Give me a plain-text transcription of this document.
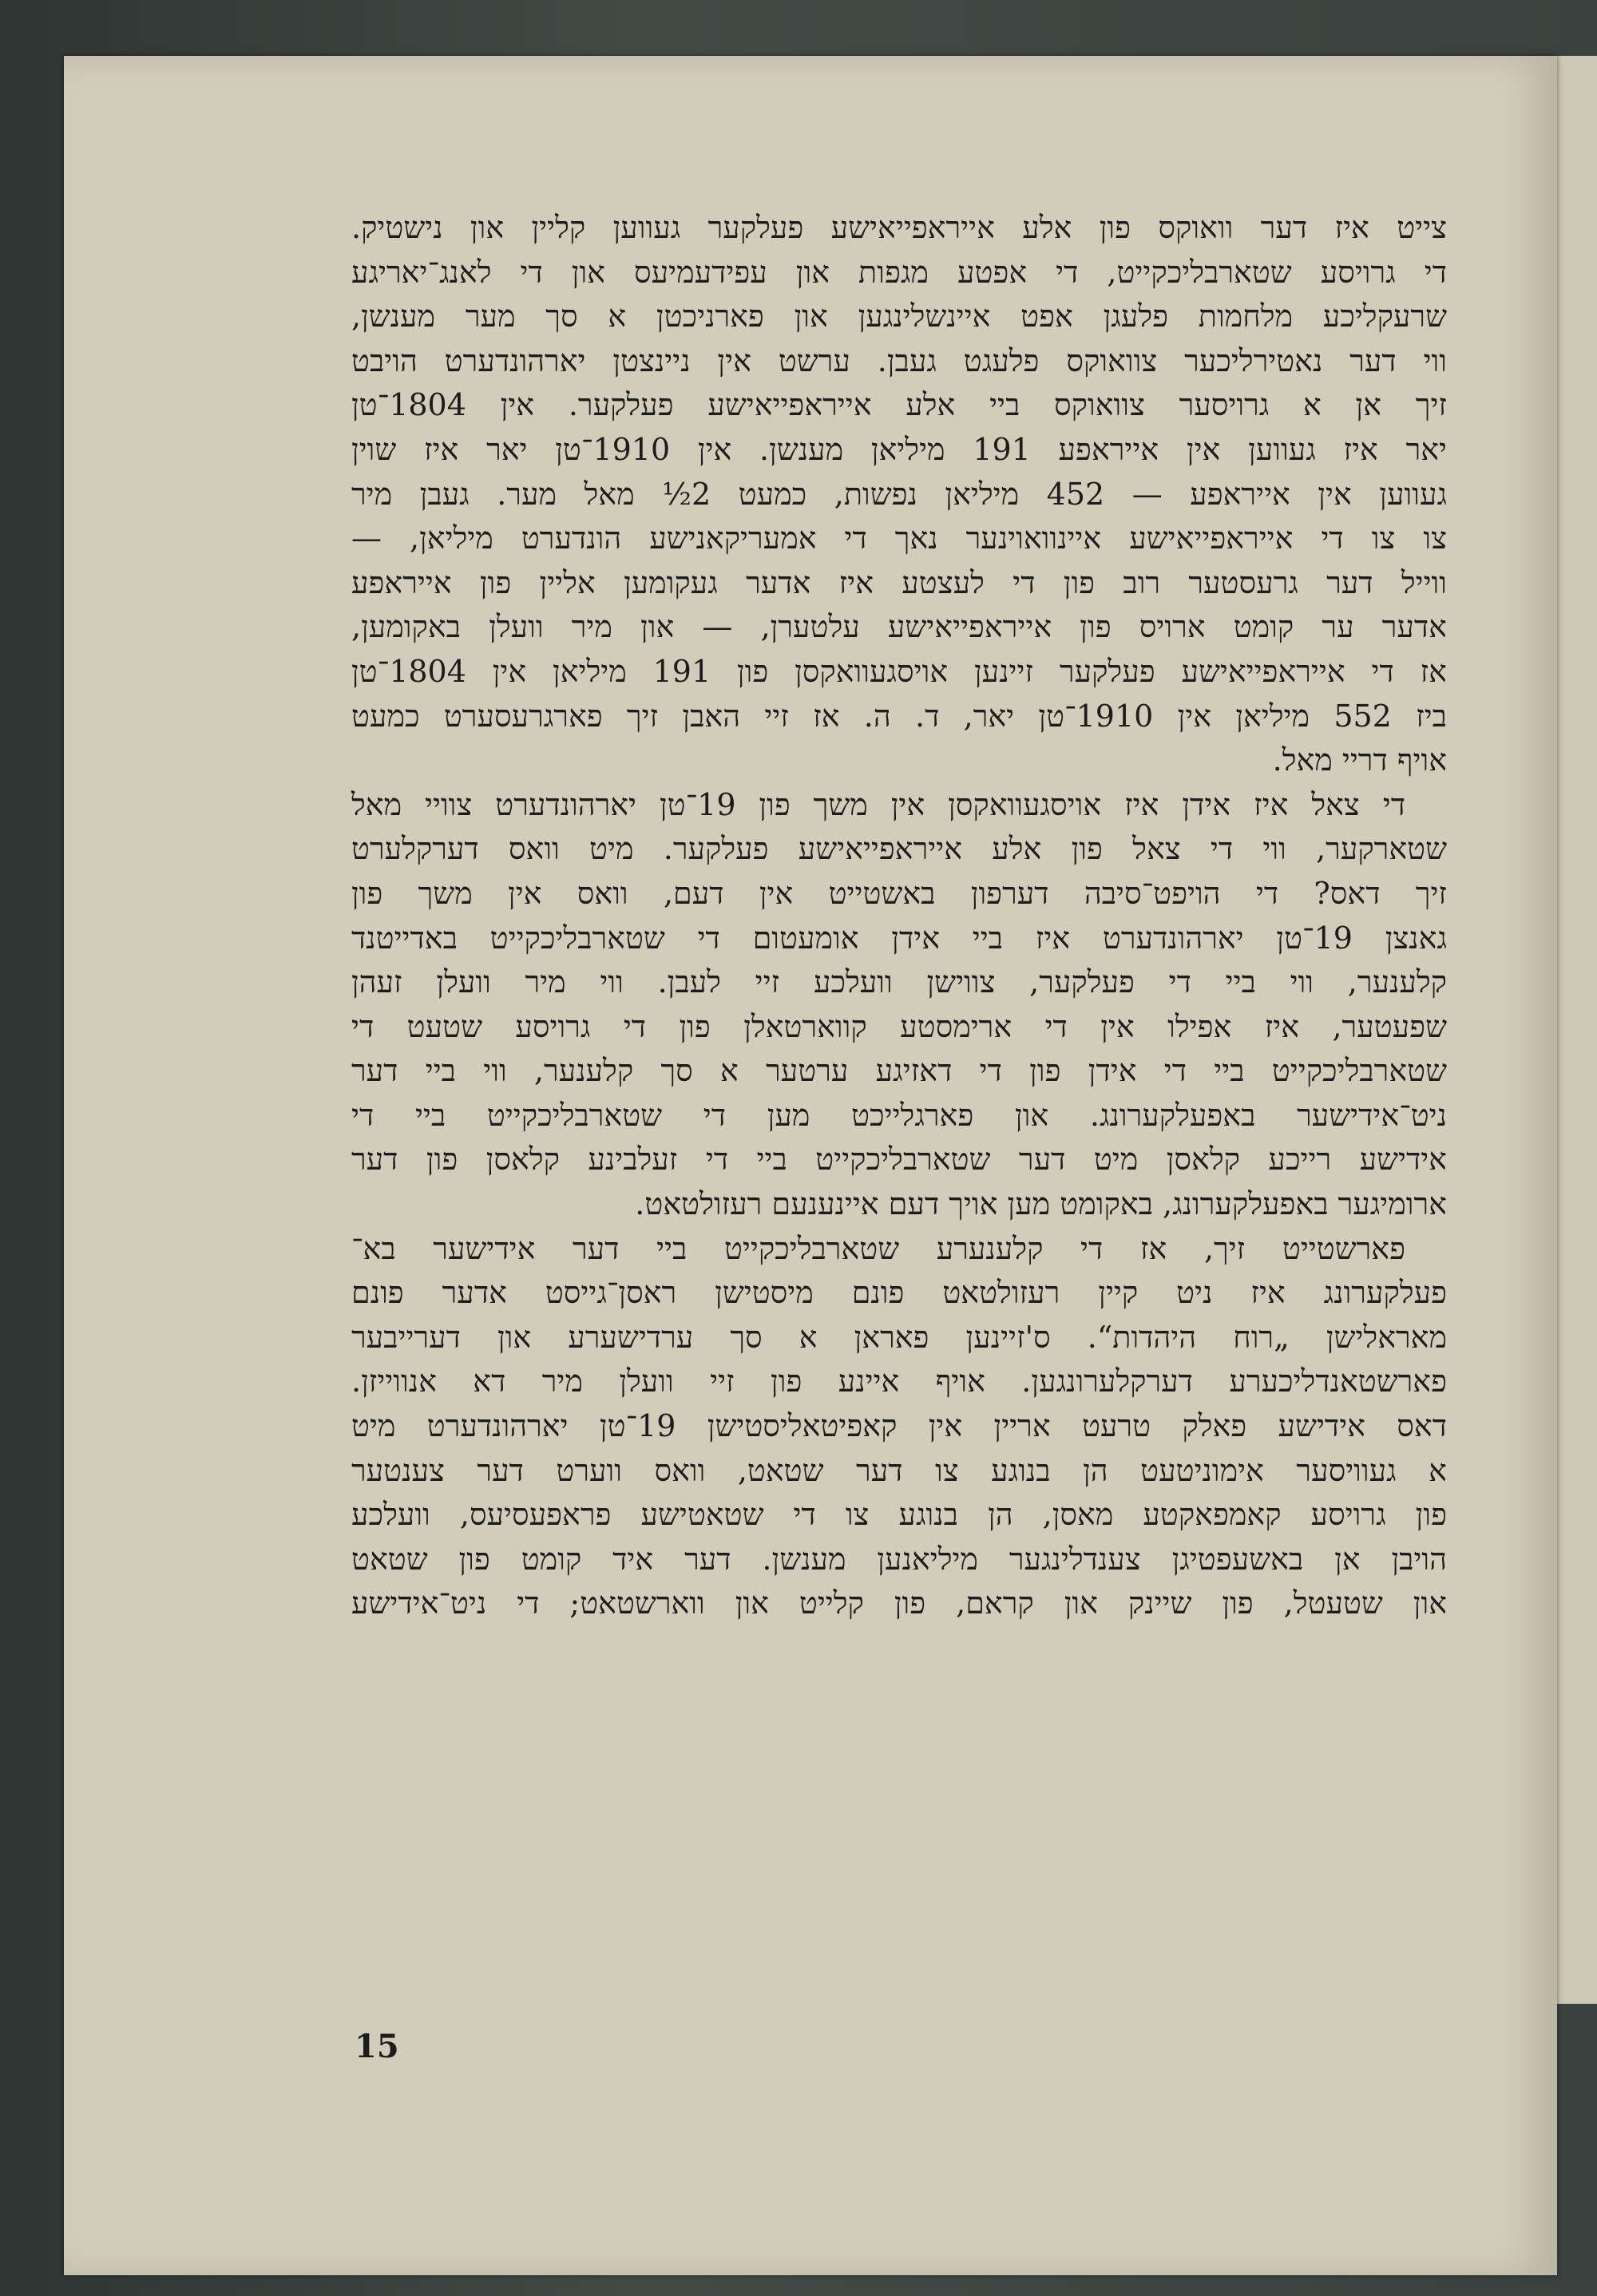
צייט איז דער וואוקס פון אלע אייראפייאישע פעלקער געווען קליין און נישטיק.
די גרויסע שטארבליכקייט, די אפטע מגפות און עפידעמיעס און די לאנג־יאריגע
שרעקליכע מלחמות פלעגן אפט איינשלינגען און פארניכטן א סך מער מענשן,
ווי דער נאטירליכער צוואוקס פלעגט געבן. ערשט אין ניינצטן יארהונדערט הויבט
זיך אן א גרויסער צוואוקס ביי אלע אייראפייאישע פעלקער. אין 1804־טן
יאר איז געווען אין אייראפע 191 מיליאן מענשן. אין 1910־טן יאר איז שוין
געווען אין אייראפע — 452 מיליאן נפשות, כמעט 2½ מאל מער. געבן מיר
צו צו די אייראפייאישע איינוואוינער נאך די אמעריקאנישע הונדערט מיליאן, —
ווייל דער גרעסטער רוב פון די לעצטע איז אדער געקומען אליין פון אייראפע
אדער ער קומט ארויס פון אייראפייאישע עלטערן, — און מיר וועלן באקומען,
אז די אייראפייאישע פעלקער זיינען אויסגעוואקסן פון 191 מיליאן אין 1804־טן
ביז 552 מיליאן אין 1910־טן יאר, ד. ה. אז זיי האבן זיך פארגרעסערט כמעט
אויף דריי מאל.

די צאל איז אידן איז אויסגעוואקסן אין משך פון 19־טן יארהונדערט צוויי מאל
שטארקער, ווי די צאל פון אלע אייראפייאישע פעלקער. מיט וואס דערקלערט
זיך דאס? די הויפט־סיבה דערפון באשטייט אין דעם, וואס אין משך פון
גאנצן 19־טן יארהונדערט איז ביי אידן אומעטום די שטארבליכקייט באדייטנד
קלענער, ווי ביי די פעלקער, צווישן וועלכע זיי לעבן. ווי מיר וועלן זעהן
שפעטער, איז אפילו אין די ארימסטע קווארטאלן פון די גרויסע שטעט די
שטארבליכקייט ביי די אידן פון די דאזיגע ערטער א סך קלענער, ווי ביי דער
ניט־אידישער באפעלקערונג. און פארגלייכט מען די שטארבליכקייט ביי די
אידישע רייכע קלאסן מיט דער שטארבליכקייט ביי די זעלבינע קלאסן פון דער
ארומיגער באפעלקערונג, באקומט מען אויך דעם איינענעם רעזולטאט.

פארשטייט זיך, אז די קלענערע שטארבליכקייט ביי דער אידישער בא־
פעלקערונג איז ניט קיין רעזולטאט פונם מיסטישן ראסן־גייסט אדער פונם
מאראלישן „רוח היהדות“. ס'זיינען פאראן א סך ערדישערע און דערייבער
פארשטאנדליכערע דערקלערונגען. אויף איינע פון זיי וועלן מיר דא אנווייזן.
דאס אידישע פאלק טרעט אריין אין קאפיטאליסטישן 19־טן יארהונדערט מיט
א געוויסער אימוניטעט הן בנוגע צו דער שטאט, וואס ווערט דער צענטער
פון גרויסע קאמפאקטע מאסן, הן בנוגע צו די שטאטישע פראפעסיעס, וועלכע
הויבן אן באשעפטיגן צענדלינגער מיליאנען מענשן. דער איד קומט פון שטאט
און שטעטל, פון שיינק און קראם, פון קלייט און ווארשטאט; די ניט־אידישע

15
